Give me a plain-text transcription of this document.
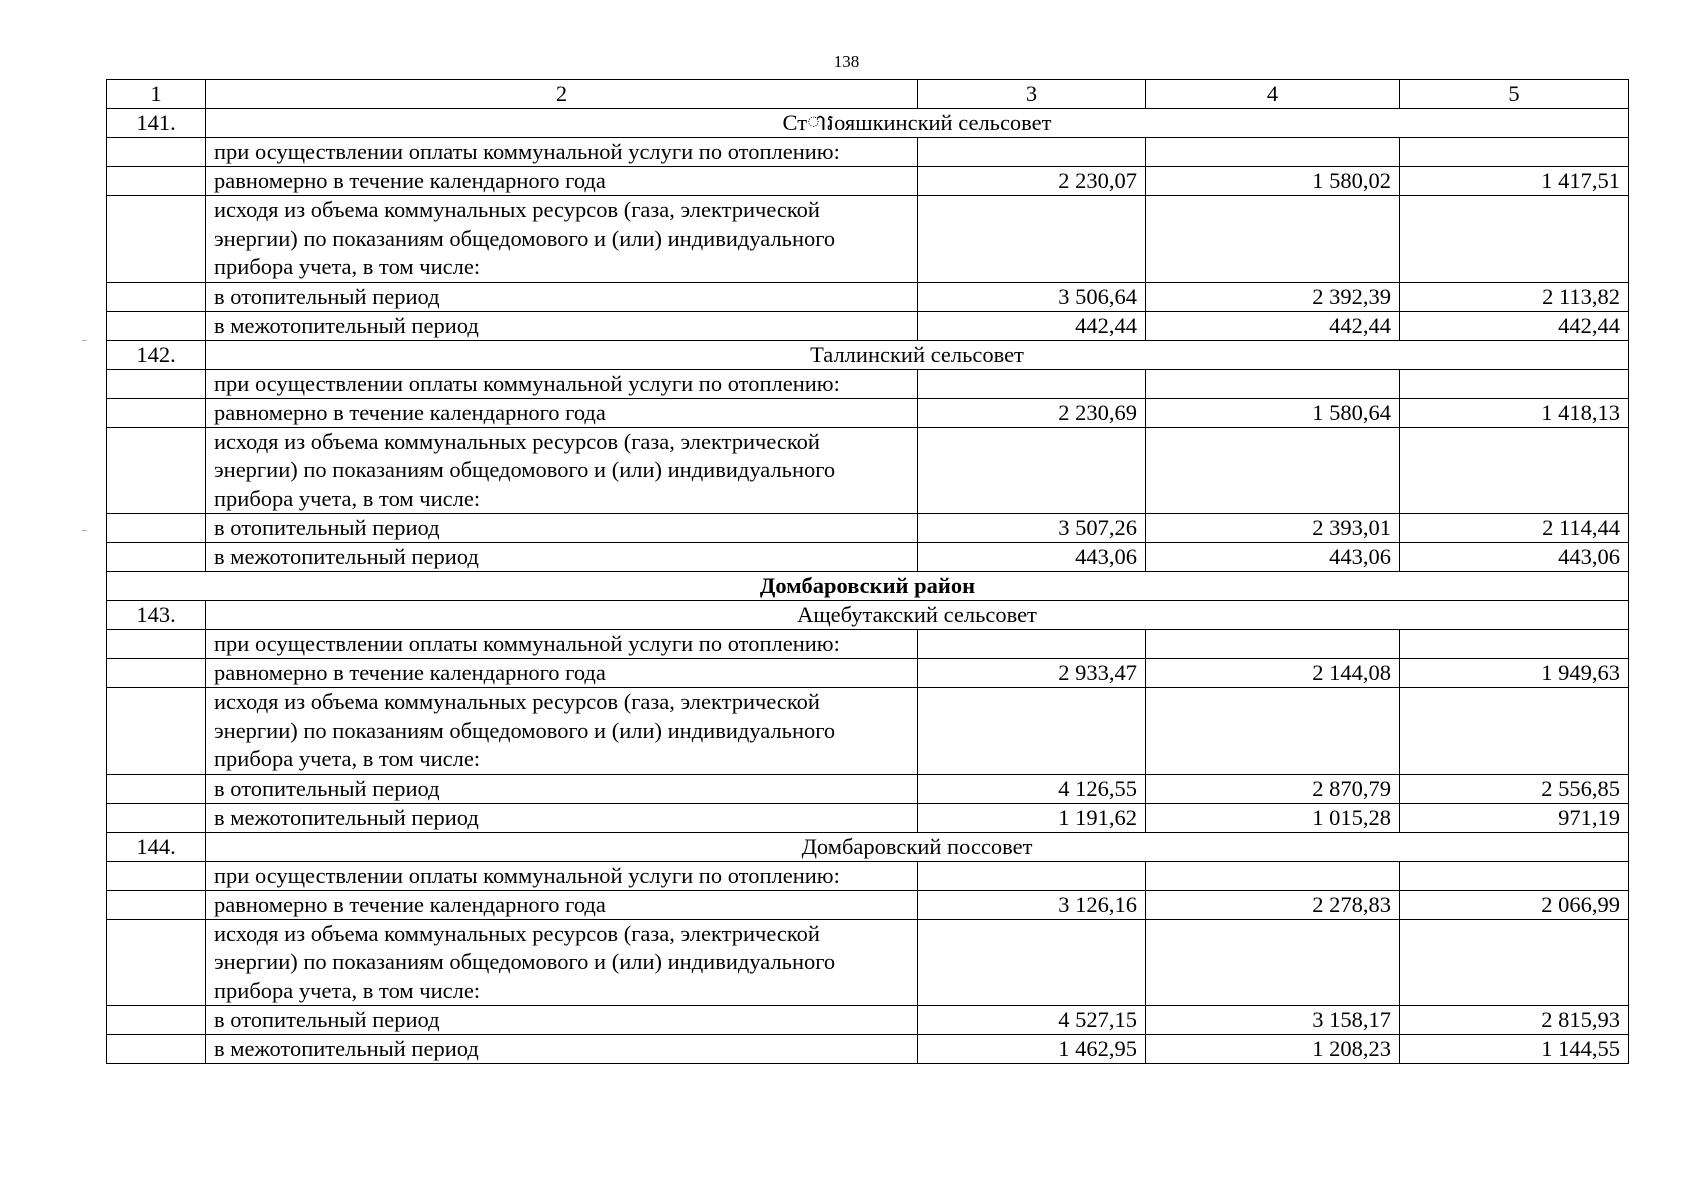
138
1	2	3	4	5
141.	Стារояшкинский сельсовет			
	при осуществлении оплаты коммунальной услуги по отоплению:			
	равномерно в течение календарного года	2 230,07	1 580,02	1 417,51
	исходя из объема коммунальных ресурсов (газа, электрической энергии) по показаниям общедомового и (или) индивидуального прибора учета, в том числе:			
	в отопительный период	3 506,64	2 392,39	2 113,82
	в межотопительный период	442,44	442,44	442,44
142.	Таллинский сельсовет			
	при осуществлении оплаты коммунальной услуги по отоплению:			
	равномерно в течение календарного года	2 230,69	1 580,64	1 418,13
	исходя из объема коммунальных ресурсов (газа, электрической энергии) по показаниям общедомового и (или) индивидуального прибора учета, в том числе:			
	в отопительный период	3 507,26	2 393,01	2 114,44
	в межотопительный период	443,06	443,06	443,06
Домбаровский район				
143.	Ащебутакский сельсовет			
	при осуществлении оплаты коммунальной услуги по отоплению:			
	равномерно в течение календарного года	2 933,47	2 144,08	1 949,63
	исходя из объема коммунальных ресурсов (газа, электрической энергии) по показаниям общедомового и (или) индивидуального прибора учета, в том числе:			
	в отопительный период	4 126,55	2 870,79	2 556,85
	в межотопительный период	1 191,62	1 015,28	971,19
144.	Домбаровский поссовет			
	при осуществлении оплаты коммунальной услуги по отоплению:			
	равномерно в течение календарного года	3 126,16	2 278,83	2 066,99
	исходя из объема коммунальных ресурсов (газа, электрической энергии) по показаниям общедомового и (или) индивидуального прибора учета, в том числе:			
	в отопительный период	4 527,15	3 158,17	2 815,93
	в межотопительный период	1 462,95	1 208,23	1 144,55
